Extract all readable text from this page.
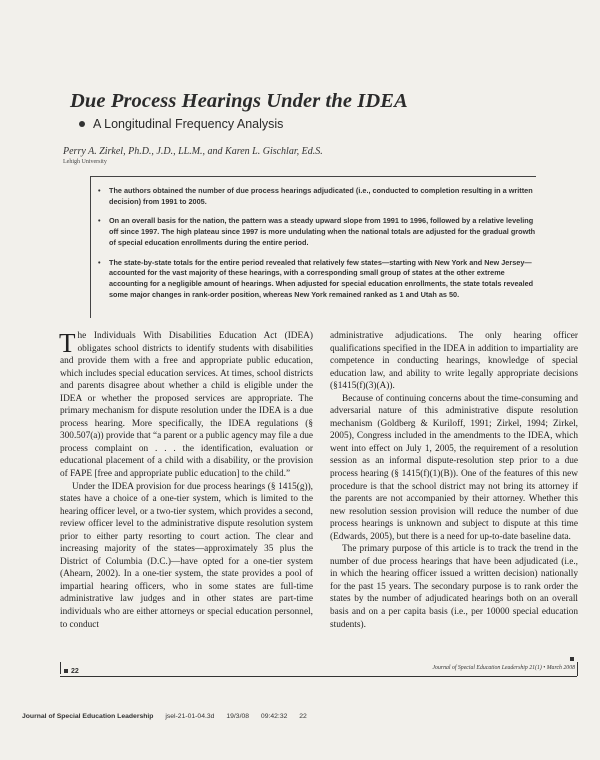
Due Process Hearings Under the IDEA
A Longitudinal Frequency Analysis
Perry A. Zirkel, Ph.D., J.D., LL.M., and Karen L. Gischlar, Ed.S.
Lehigh University

• The authors obtained the number of due process hearings adjudicated (i.e., conducted to completion resulting in a written decision) from 1991 to 2005.

• On an overall basis for the nation, the pattern was a steady upward slope from 1991 to 1996, followed by a relative leveling off since 1997. The high plateau since 1997 is more undulating when the national totals are adjusted for the gradual growth of special education enrollments during the entire period.

• The state-by-state totals for the entire period revealed that relatively few states—starting with New York and New Jersey—accounted for the vast majority of these hearings, with a corresponding small group of states at the other extreme accounting for a negligible amount of hearings. When adjusted for special education enrollments, the state totals revealed some major changes in rank-order position, whereas New York remained ranked as 1 and Utah as 50.

The Individuals With Disabilities Education Act (IDEA) obligates school districts to identify students with disabilities and provide them with a free and appropriate public education, which includes special education services. At times, school districts and parents disagree about whether a child is eligible under the IDEA or whether the proposed services are appropriate. The primary mechanism for dispute resolution under the IDEA is a due process hearing. More specifically, the IDEA regulations (§ 300.507(a)) provide that “a parent or a public agency may file a due process complaint on . . . the identification, evaluation or educational placement of a child with a disability, or the provision of FAPE [free and appropriate public education] to the child.”

Under the IDEA provision for due process hearings (§ 1415(g)), states have a choice of a one-tier system, which is limited to the hearing officer level, or a two-tier system, which provides a second, review officer level to the administrative dispute resolution system prior to either party resorting to court action. The clear and increasing majority of the states—approximately 35 plus the District of Columbia (D.C.)—have opted for a one-tier system (Ahearn, 2002). In a one-tier system, the state provides a pool of impartial hearing officers, who in some states are full-time administrative law judges and in other states are part-time individuals who are either attorneys or special education personnel, to conduct

administrative adjudications. The only hearing officer qualifications specified in the IDEA in addition to impartiality are competence in conducting hearings, knowledge of special education law, and ability to write legally appropriate decisions (§1415(f)(3)(A)).

Because of continuing concerns about the time-consuming and adversarial nature of this administrative dispute resolution mechanism (Goldberg & Kuriloff, 1991; Zirkel, 1994; Zirkel, 2005), Congress included in the amendments to the IDEA, which went into effect on July 1, 2005, the requirement of a resolution session as an informal dispute-resolution step prior to a due process hearing (§ 1415(f)(1)(B)). One of the features of this new procedure is that the school district may not bring its attorney if the parents are not accompanied by their attorney. Whether this new resolution session provision will reduce the number of due process hearings is unknown and subject to dispute at this time (Edwards, 2005), but there is a need for up-to-date baseline data.

The primary purpose of this article is to track the trend in the number of due process hearings that have been adjudicated (i.e., in which the hearing officer issued a written decision) nationally for the past 15 years. The secondary purpose is to rank order the states by the number of adjudicated hearings both on an overall basis and on a per capita basis (i.e., per 10000 special education students).

22	Journal of Special Education Leadership 21(1) • March 2008
Journal of Special Education Leadership jsel-21-01-04.3d 19/3/08 09:42:32 22
